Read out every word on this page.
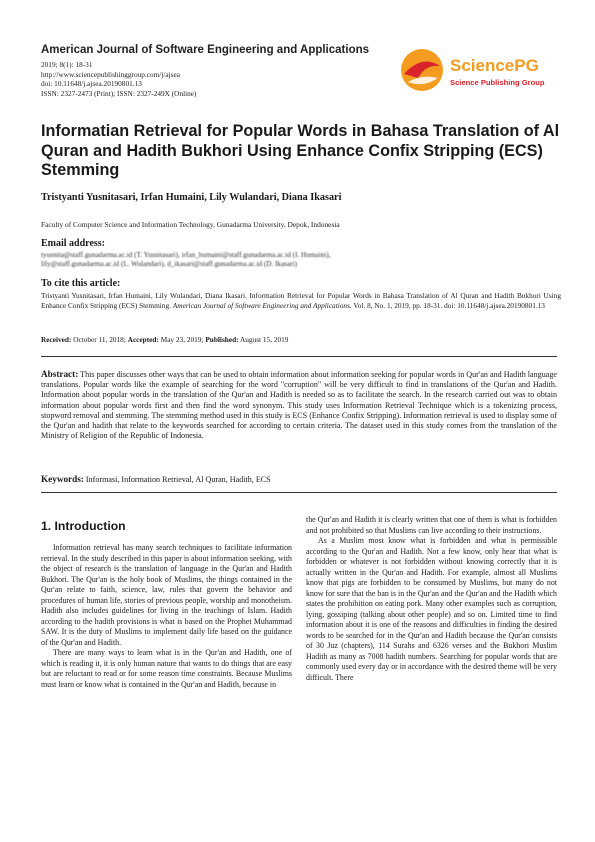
American Journal of Software Engineering and Applications
2019; 8(1): 18-31
http://www.sciencepublishinggroup.com/j/ajsea
doi: 10.11648/j.ajsea.20190801.13
ISSN: 2327-2473 (Print); ISSN: 2327-249X (Online)
SciencePG
Science Publishing Group
Informatian Retrieval for Popular Words in Bahasa Translation of Al Quran and Hadith Bukhori Using Enhance Confix Stripping (ECS) Stemming
Tristyanti Yusnitasari, Irfan Humaini, Lily Wulandari, Diana Ikasari
Faculty of Computer Science and Information Technology, Gunadarma University, Depok, Indonesia
Email address:
tyusnita@staff.gunadarma.ac.id (T. Yusnitasari), irfan_humaini@staff.gunadarma.ac.id (I. Humaini),
lily@staff.gunadarma.ac.id (L. Wulandari), d_ikasari@staff.gunadarma.ac.id (D. Ikasari)
To cite this article:
Tristyanti Yusnitasari, Irfan Humaini, Lily Wulandari, Diana Ikasari. Information Retrieval for Popular Words in Bahasa Translation of Al Quran and Hadith Bukhori Using Enhance Confix Stripping (ECS) Stemming. American Journal of Software Engineering and Applications. Vol. 8, No. 1, 2019, pp. 18-31. doi: 10.11648/j.ajsea.20190801.13
Received: October 11, 2018; Accepted: May 23, 2019; Published: August 15, 2019
Abstract: This paper discusses other ways that can be used to obtain information about information seeking for popular words in Qur'an and Hadith language translations. Popular words like the example of searching for the word "corruption" will be very difficult to find in translations of the Qur'an and Hadith. Information about popular words in the translation of the Qur'an and Hadith is needed so as to facilitate the search. In the research carried out was to obtain information about popular words first and then find the word synonym. This study uses Information Retrieval Technique which is a tokenizing process, stopword removal and stemming. The stemming method used in this study is ECS (Enhance Confix Stripping). Information retrieval is used to display some of the Qur'an and hadith that relate to the keywords searched for according to certain criteria. The dataset used in this study comes from the translation of the Ministry of Religion of the Republic of Indonesia.
Keywords: Informasi, Information Retrieval, Al Quran, Hadith, ECS
1. Introduction

Information retrieval has many search techniques to facilitate information retrieval. In the study described in this paper is about information seeking, with the object of research is the translation of language in the Qur'an and Hadith Bukhori. The Qur'an is the holy book of Muslims, the things contained in the Qur'an relate to faith, science, law, rules that govern the behavior and procedures of human life, stories of previous people, worship and monotheism. Hadith also includes guidelines for living in the teachings of Islam. Hadith according to the hadith provisions is what is based on the Prophet Muhammad SAW. It is the duty of Muslims to implement daily life based on the guidance of the Qur'an and Hadith.

There are many ways to learn what is in the Qur'an and Hadith, one of which is reading it, it is only human nature that wants to do things that are easy but are reluctant to read or for some reason time constraints. Because Muslims must learn or know what is contained in the Qur'an and Hadith, because in

the Qur'an and Hadith it is clearly written that one of them is what is forbidden and not prohibited so that Muslims can live according to their instructions.

As a Muslim most know what is forbidden and what is permissible according to the Qur'an and Hadith. Not a few know, only hear that what is forbidden or whatever is not forbidden without knowing correctly that it is actually written in the Qur'an and Hadith. For example, almost all Muslims know that pigs are forbidden to be consumed by Muslims, but many do not know for sure that the ban is in the Qur'an and the Qur'an and the Hadith which states the prohibition on eating pork. Many other examples such as corruption, lying, gossiping (talking about other people) and so on. Limited time to find information about it is one of the reasons and difficulties in finding the desired words to be searched for in the Qur'an and Hadith because the Qur'an consists of 30 Juz (chapters), 114 Surahs and 6326 verses and the Bukhori Muslim Hadith as many as 7008 hadith numbers. Searching for popular words that are commonly used every day or in accordance with the desired theme will be very difficult. There
